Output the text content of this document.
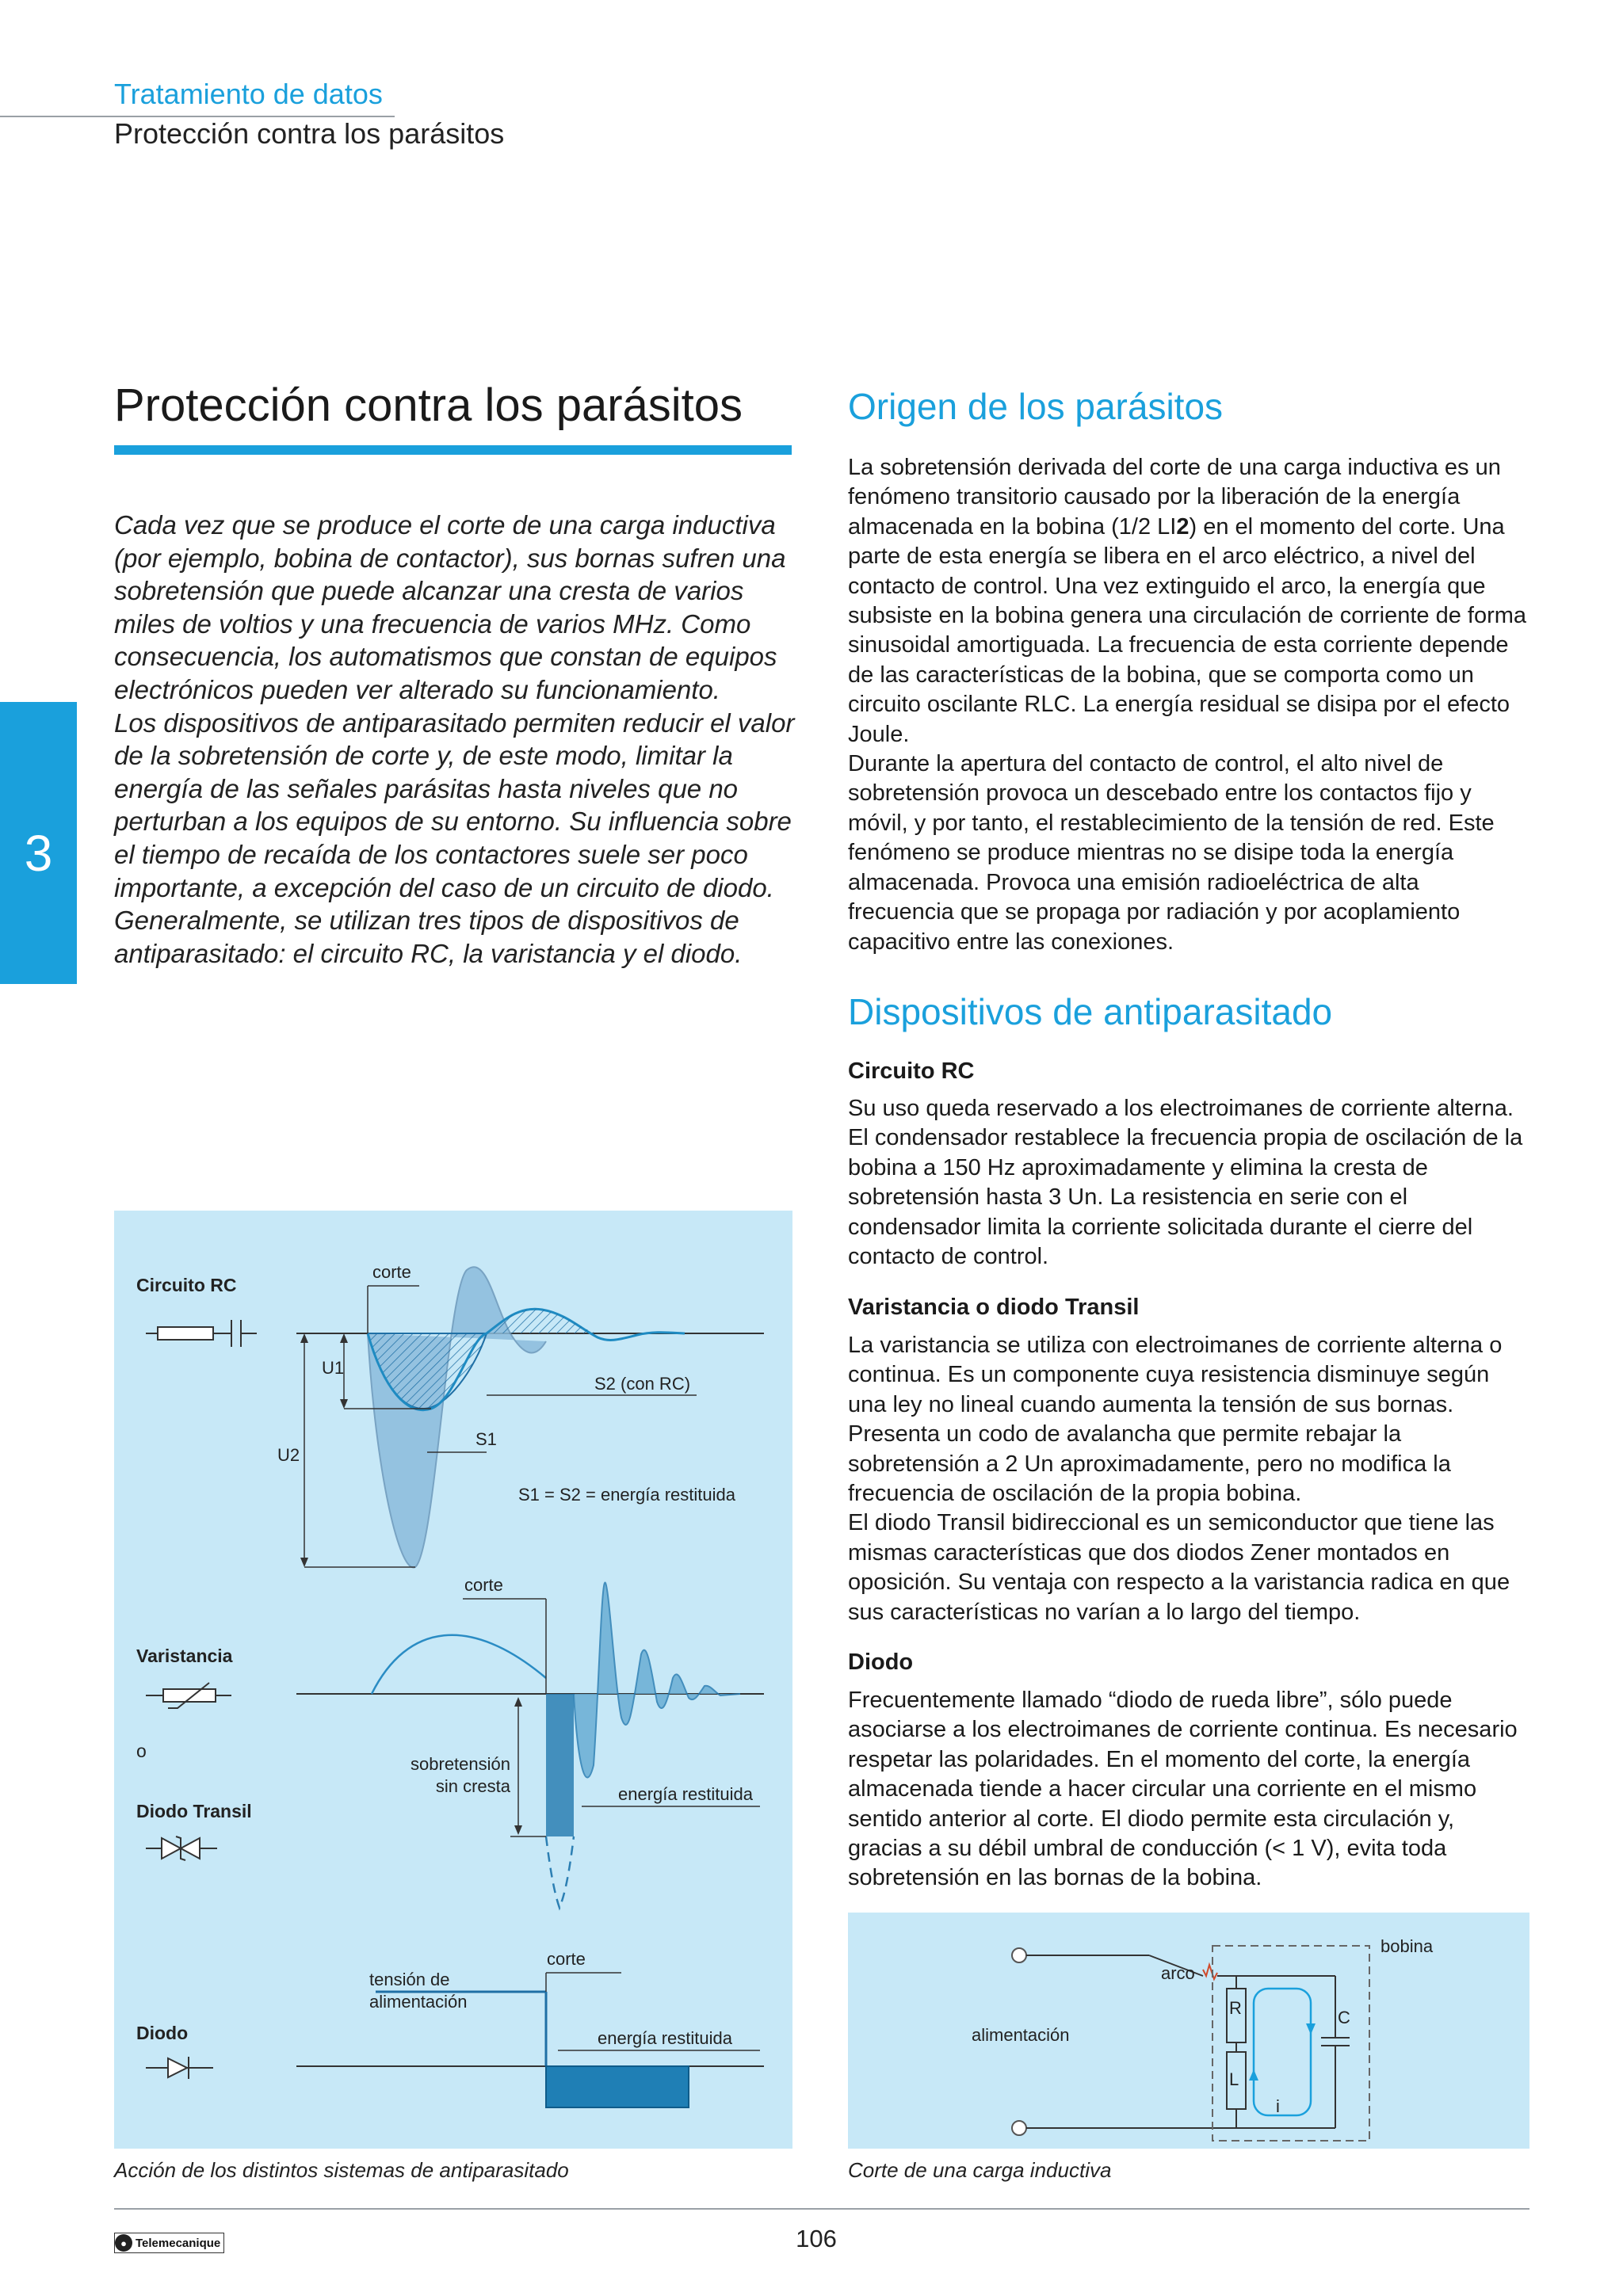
Tratamiento de datos
Protección contra los parásitos
3
Protección contra los parásitos

Cada vez que se produce el corte de una carga inductiva (por ejemplo, bobina de contactor), sus bornas sufren una sobretensión que puede alcanzar una cresta de varios miles de voltios y una frecuencia de varios MHz. Como consecuencia, los automatismos que constan de equipos electrónicos pueden ver alterado su funcionamiento.

Los dispositivos de antiparasitado permiten reducir el valor de la sobretensión de corte y, de este modo, limitar la energía de las señales parásitas hasta niveles que no perturban a los equipos de su entorno. Su influencia sobre el tiempo de recaída de los contactores suele ser poco importante, a excepción del caso de un circuito de diodo.

Generalmente, se utilizan tres tipos de dispositivos de antiparasitado: el circuito RC, la varistancia y el diodo.

Origen de los parásitos

La sobretensión derivada del corte de una carga inductiva es un fenómeno transitorio causado por la liberación de la energía almacenada en la bobina (1/2 LI2) en el momento del corte. Una parte de esta energía se libera en el arco eléctrico, a nivel del contacto de control. Una vez extinguido el arco, la energía que subsiste en la bobina genera una circulación de corriente de forma sinusoidal amortiguada. La frecuencia de esta corriente depende de las características de la bobina, que se comporta como un circuito oscilante RLC. La energía residual se disipa por el efecto Joule.

Durante la apertura del contacto de control, el alto nivel de sobretensión provoca un descebado entre los contactos fijo y móvil, y por tanto, el restablecimiento de la tensión de red. Este fenómeno se produce mientras no se disipe toda la energía almacenada. Provoca una emisión radioeléctrica de alta frecuencia que se propaga por radiación y por acoplamiento capacitivo entre las conexiones.

Dispositivos de antiparasitado
Circuito RC

Su uso queda reservado a los electroimanes de corriente alterna. El condensador restablece la frecuencia propia de oscilación de la bobina a 150 Hz aproximadamente y elimina la cresta de sobretensión hasta 3 Un. La resistencia en serie con el condensador limita la corriente solicitada durante el cierre del contacto de control.

Varistancia o diodo Transil

La varistancia se utiliza con electroimanes de corriente alterna o continua. Es un componente cuya resistencia disminuye según una ley no lineal cuando aumenta la tensión de sus bornas. Presenta un codo de avalancha que permite rebajar la sobretensión a 2 Un aproximadamente, pero no modifica la frecuencia de oscilación de la propia bobina.

El diodo Transil bidireccional es un semiconductor que tiene las mismas características que dos diodos Zener montados en oposición. Su ventaja con respecto a la varistancia radica en que sus características no varían a lo largo del tiempo.

Diodo

Frecuentemente llamado “diodo de rueda libre”, sólo puede asociarse a los electroimanes de corriente continua. Es necesario respetar las polaridades. En el momento del corte, la energía almacenada tiende a hacer circular una corriente en el mismo sentido anterior al corte. El diodo permite esta circulación y, gracias a su débil umbral de conducción (< 1 V), evita toda sobretensión en las bornas de la bobina.

Circuito RC
corte
U1
U2
S2 (con RC)
S1
S1 = S2 = energía restituida
Varistancia
o
Diodo Transil
corte
sobretensión
sin cresta	energía restituida
Diodo
corte
tensión de
alimentación
energía restituida
Acción de los distintos sistemas de antiparasitado
arco
bobina
R
L
C
i
alimentación
Corte de una carga inductiva
● Telemecanique	106
